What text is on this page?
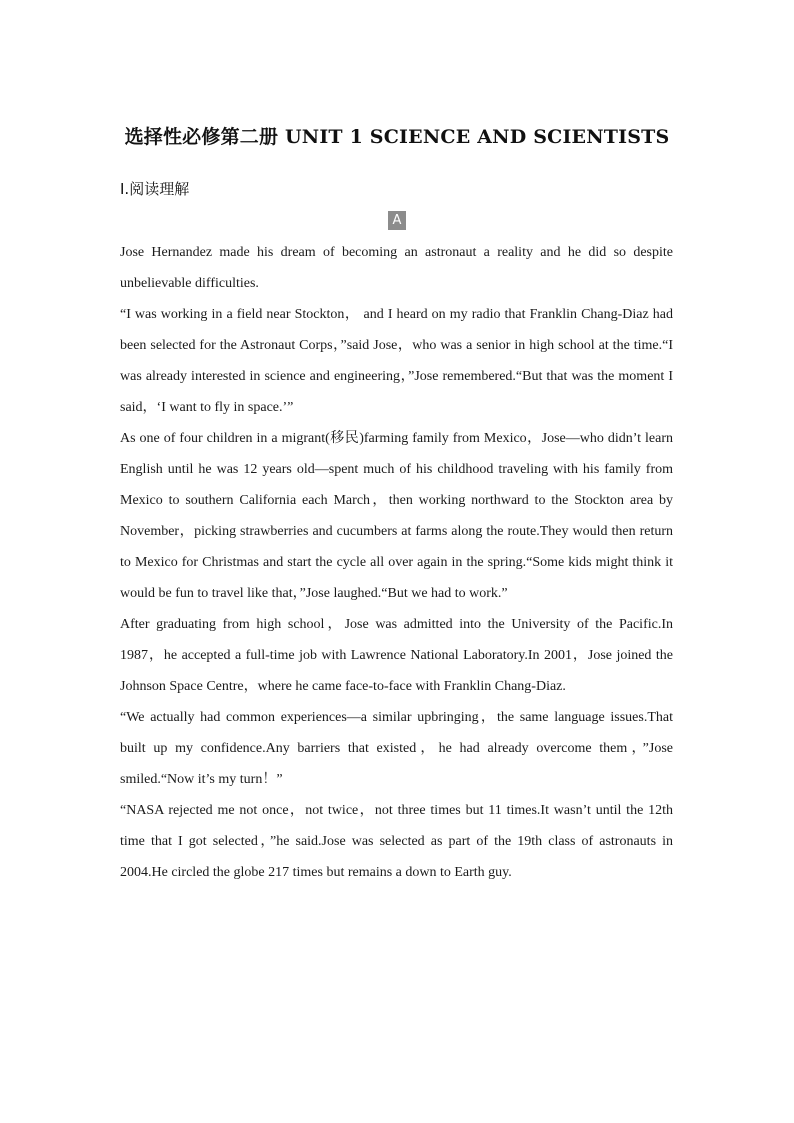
选择性必修第二册 UNIT 1 SCIENCE AND SCIENTISTS
Ⅰ.阅读理解
A

Jose Hernandez made his dream of becoming an astronaut a reality and he did so despite unbelievable difficulties.

“I was working in a field near Stockton， and I heard on my radio that Franklin Chang-Diaz had been selected for the Astronaut Corps，”said Jose，who was a senior in high school at the time.“I was already interested in science and engineering，”Jose remembered.“But that was the moment I said，‘I want to fly in space.’”

As one of four children in a migrant(移民)farming family from Mexico，Jose—who didn’t learn English until he was 12 years old—spent much of his childhood traveling with his family from Mexico to southern California each March，then working northward to the Stockton area by November，picking strawberries and cucumbers at farms along the route.They would then return to Mexico for Christmas and start the cycle all over again in the spring.“Some kids might think it would be fun to travel like that，”Jose laughed.“But we had to work.”

After graduating from high school，Jose was admitted into the University of the Pacific.In 1987，he accepted a full-time job with Lawrence National Laboratory.In 2001，Jose joined the Johnson Space Centre，where he came face-to-face with Franklin Chang-Diaz.

“We actually had common experiences—a similar upbringing，the same language issues.That built up my confidence.Any barriers that existed，he had already overcome them，”Jose smiled.“Now it’s my turn！”

“NASA rejected me not once，not twice，not three times but 11 times.It wasn’t until the 12th time that I got selected，”he said.Jose was selected as part of the 19th class of astronauts in 2004.He circled the globe 217 times but remains a down to Earth guy.
